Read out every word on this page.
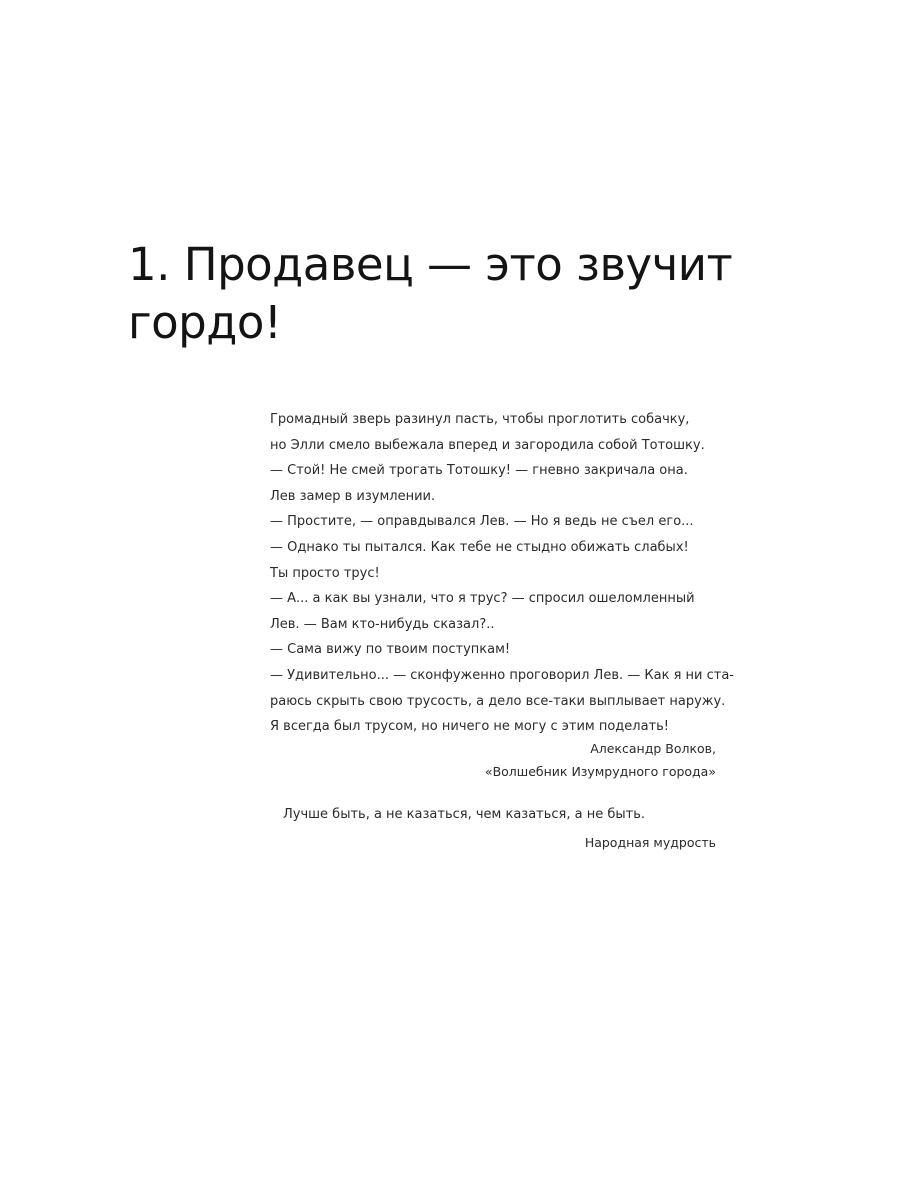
1. Продавец — это звучит
гордо!
Громадный зверь разинул пасть, чтобы проглотить собачку,
но Элли смело выбежала вперед и загородила собой Тотошку.
— Стой! Не смей трогать Тотошку! — гневно закричала она.
Лев замер в изумлении.
— Простите, — оправдывался Лев. — Но я ведь не съел его...
— Однако ты пытался. Как тебе не стыдно обижать слабых!
Ты просто трус!
— А... а как вы узнали, что я трус? — спросил ошеломленный
Лев. — Вам кто-нибудь сказал?..
— Сама вижу по твоим поступкам!
— Удивительно... — сконфуженно проговорил Лев. — Как я ни ста-
раюсь скрыть свою трусость, а дело все-таки выплывает наружу.
Я всегда был трусом, но ничего не могу с этим поделать!
Александр Волков,
«Волшебник Изумрудного города»
Лучше быть, а не казаться, чем казаться, а не быть.
Народная мудрость
